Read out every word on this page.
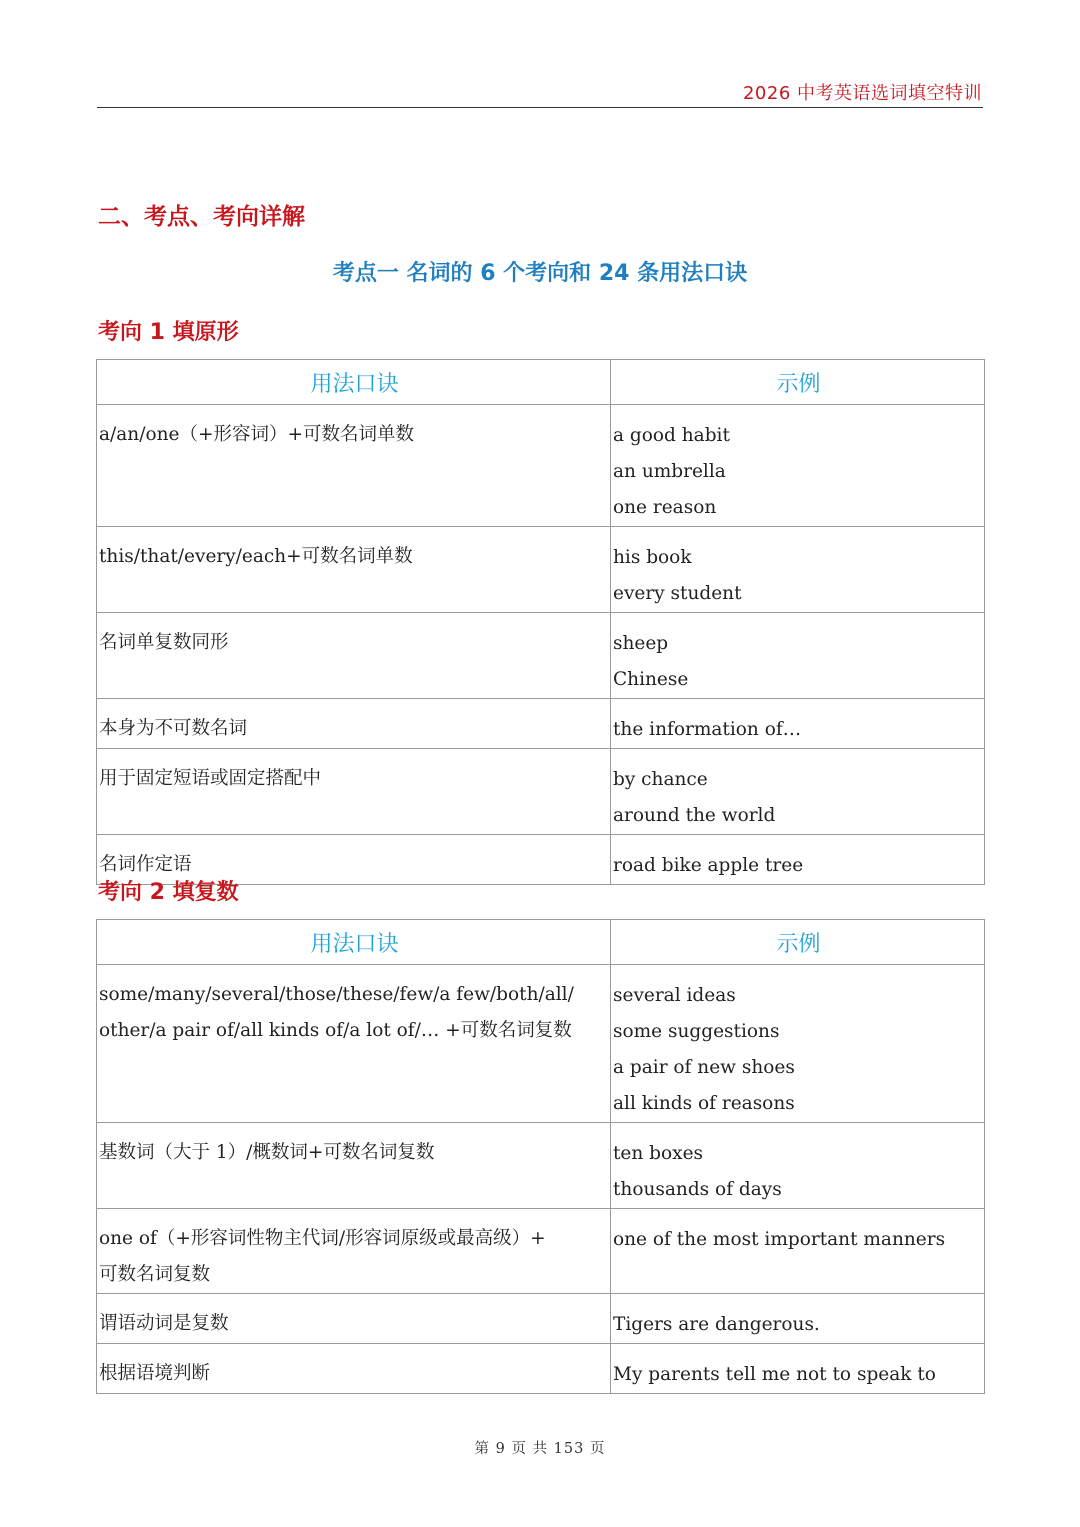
2026 中考英语选词填空特训
二、考点、考向详解
考点一 名词的 6 个考向和 24 条用法口诀
考向 1 填原形
用法口诀	示例

a/an/one（+形容词）+可数名词单数	a good habit
an umbrella
one reason

this/that/every/each+可数名词单数	his book
every student

名词单复数同形	sheep
Chinese

本身为不可数名词	the information of…

用于固定短语或固定搭配中	by chance
around the world

名词作定语	road bike apple tree
考向 2 填复数
用法口诀	示例

some/many/several/those/these/few/a few/both/all/
other/a pair of/all kinds of/a lot of/… +可数名词复数	several ideas
some suggestions
a pair of new shoes
all kinds of reasons

基数词（大于 1）/概数词+可数名词复数	ten boxes
thousands of days

one of（+形容词性物主代词/形容词原级或最高级）+
可数名词复数	one of the most important manners

谓语动词是复数	Tigers are dangerous.

根据语境判断	My parents tell me not to speak to
第 9 页 共 153 页
